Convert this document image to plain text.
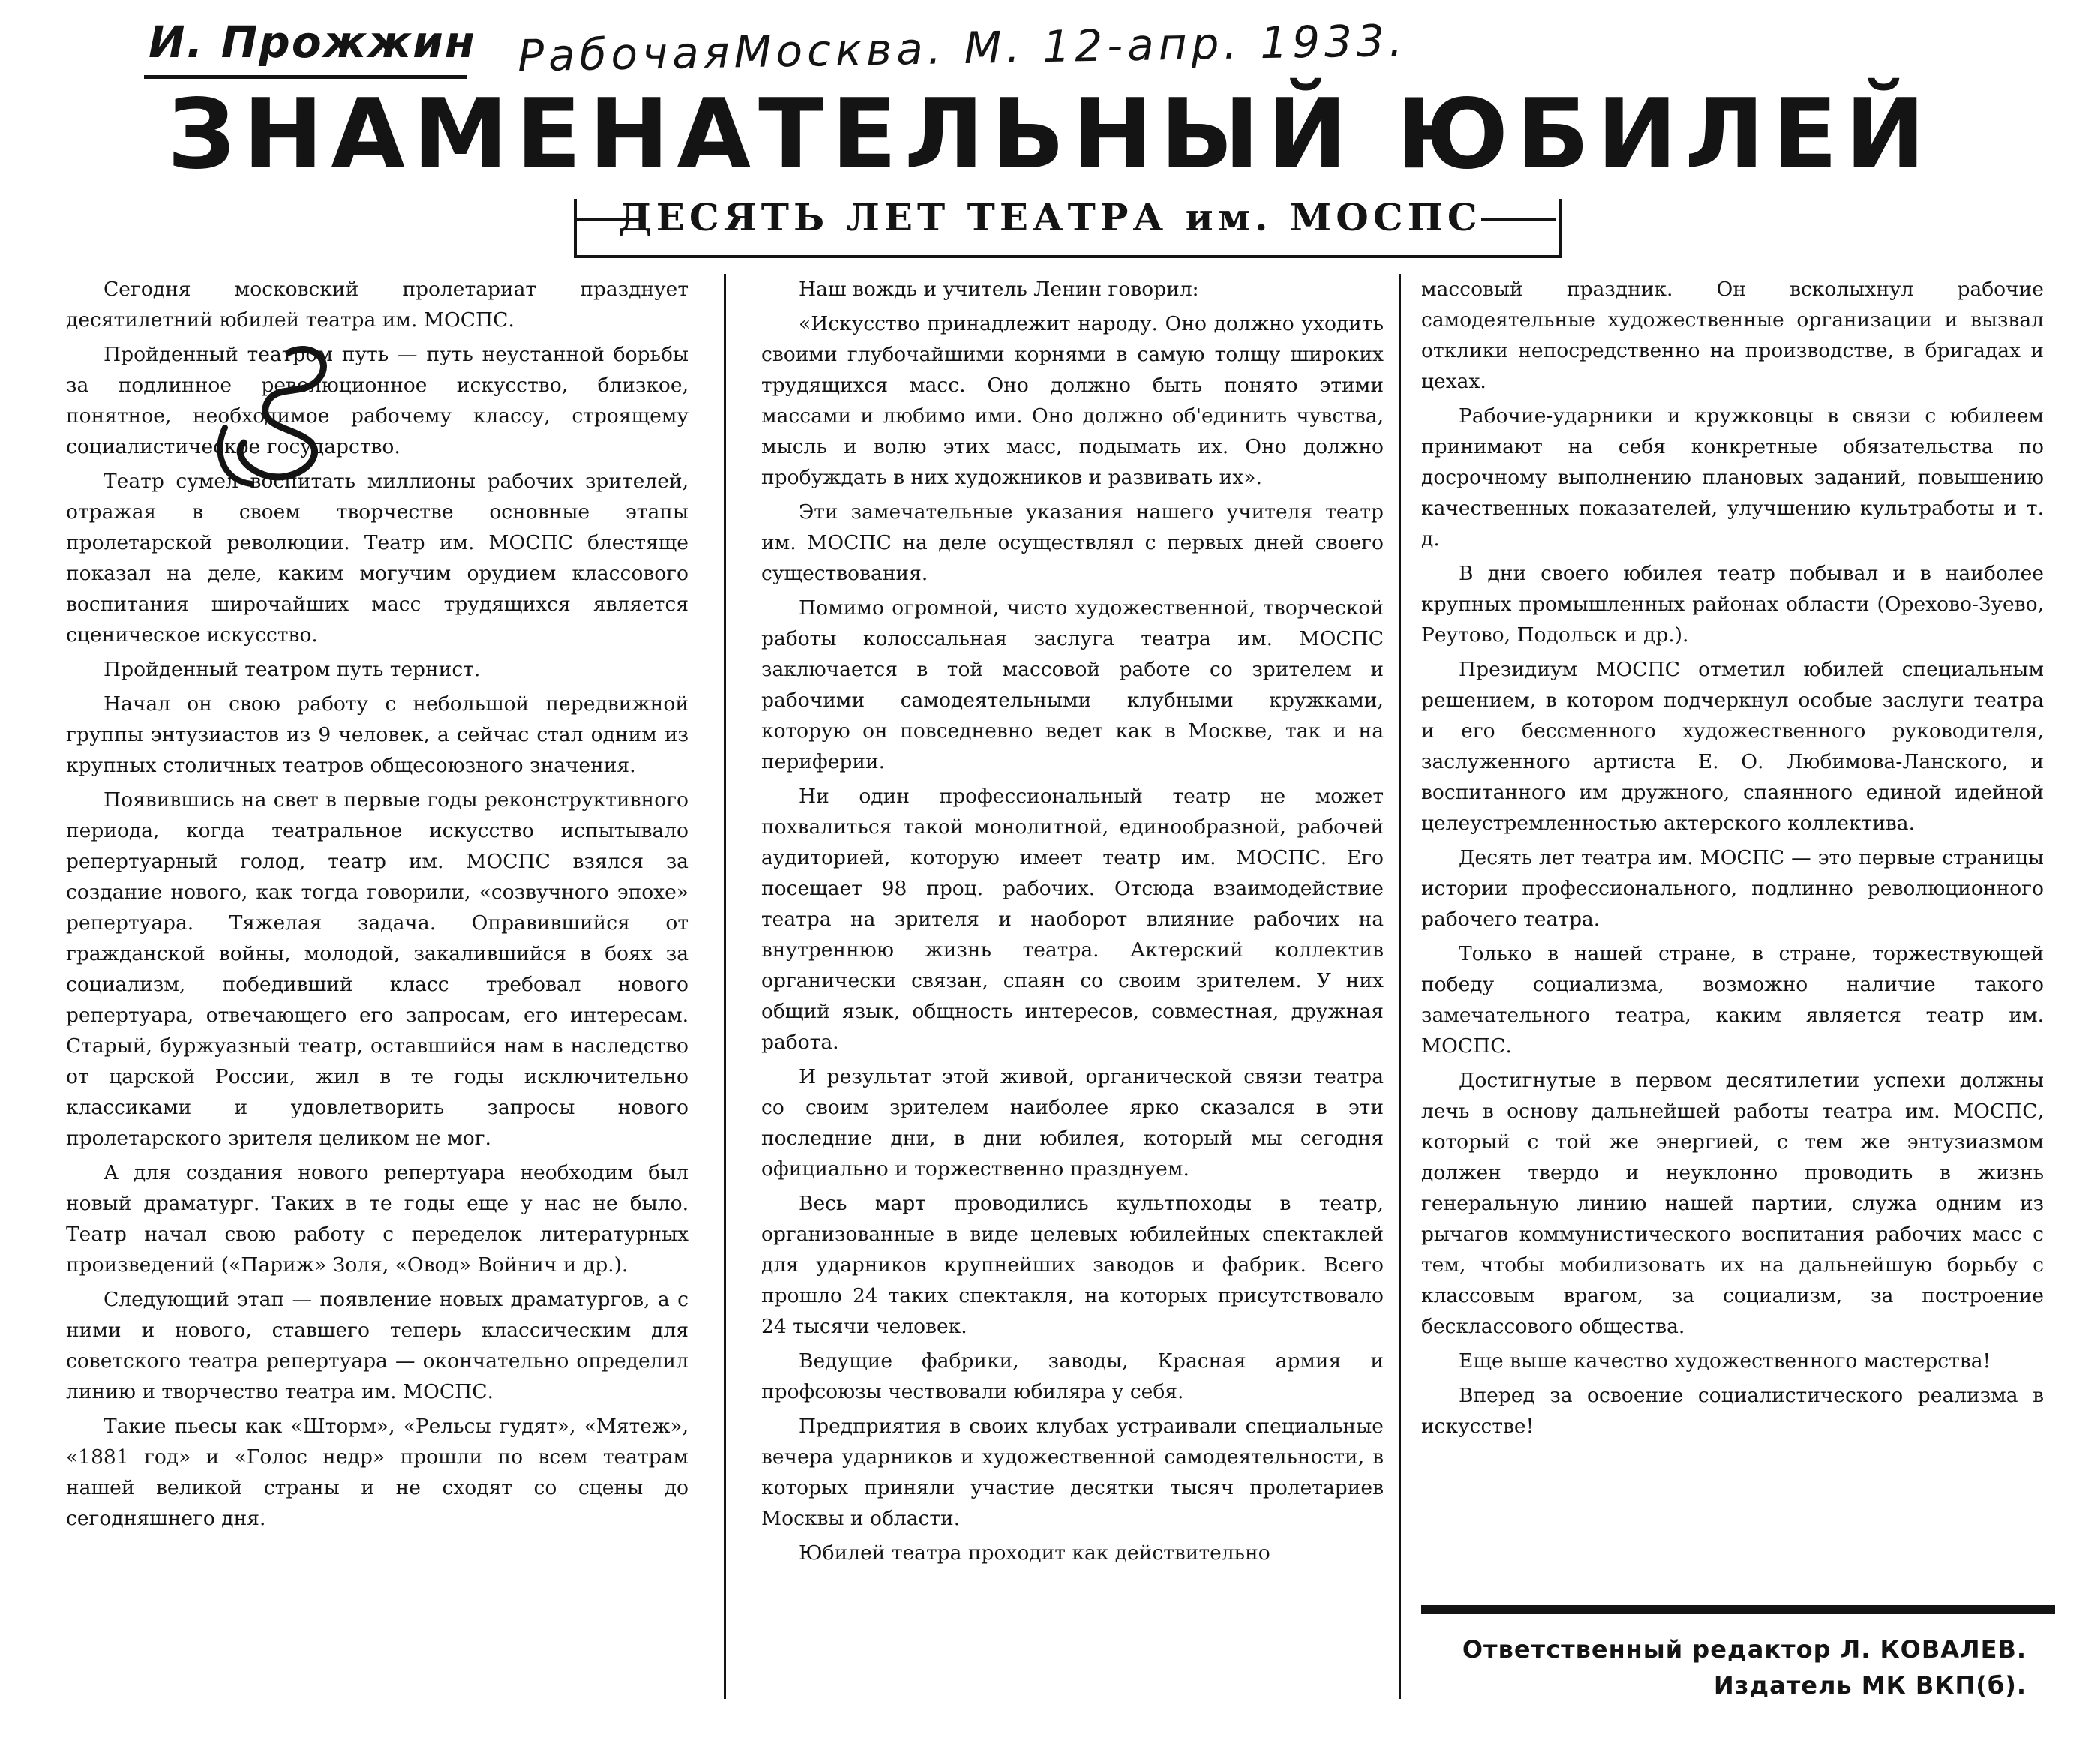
И. Прожжин РабочаяМосква. М. 12-апр. 1933.
ЗНАМЕНАТЕЛЬНЫЙ ЮБИЛЕЙ
ДЕСЯТЬ ЛЕТ ТЕАТРА им. МОСПС

Сегодня московский пролетариат празднует десятилетний юбилей театра им. МОСПС.

Пройденный театром путь — путь неустанной борьбы за подлинное революционное искусство, близкое, понятное, необходимое рабочему классу, строящему социалистическое государство.

Театр сумел воспитать миллионы рабочих зрителей, отражая в своем творчестве основные этапы пролетарской революции. Театр им. МОСПС блестяще показал на деле, каким могучим орудием классового воспитания широчайших масс трудящихся является сценическое искусство.

Пройденный театром путь тернист.

Начал он свою работу с небольшой передвижной группы энтузиастов из 9 человек, а сейчас стал одним из крупных столичных театров общесоюзного значения.

Появившись на свет в первые годы реконструктивного периода, когда театральное искусство испытывало репертуарный голод, театр им. МОСПС взялся за создание нового, как тогда говорили, «созвучного эпохе» репертуара. Тяжелая задача. Оправившийся от гражданской войны, молодой, закалившийся в боях за социализм, победивший класс требовал нового репертуара, отвечающего его запросам, его интересам. Старый, буржуазный театр, оставшийся нам в наследство от царской России, жил в те годы исключительно классиками и удовлетворить запросы нового пролетарского зрителя целиком не мог.

А для создания нового репертуара необходим был новый драматург. Таких в те годы еще у нас не было. Театр начал свою работу с переделок литературных произведений («Париж» Золя, «Овод» Войнич и др.).

Следующий этап — появление новых драматургов, а с ними и нового, ставшего теперь классическим для советского театра репертуара — окончательно определил линию и творчество театра им. МОСПС.

Такие пьесы как «Шторм», «Рельсы гудят», «Мятеж», «1881 год» и «Голос недр» прошли по всем театрам нашей великой страны и не сходят со сцены до сегодняшнего дня.

Наш вождь и учитель Ленин говорил:

«Искусство принадлежит народу. Оно должно уходить своими глубочайшими корнями в самую толщу широких трудящихся масс. Оно должно быть понято этими массами и любимо ими. Оно должно об'единить чувства, мысль и волю этих масс, подымать их. Оно должно пробуждать в них художников и развивать их».

Эти замечательные указания нашего учителя театр им. МОСПС на деле осуществлял с первых дней своего существования.

Помимо огромной, чисто художественной, творческой работы колоссальная заслуга театра им. МОСПС заключается в той массовой работе со зрителем и рабочими самодеятельными клубными кружками, которую он повседневно ведет как в Москве, так и на периферии.

Ни один профессиональный театр не может похвалиться такой монолитной, единообразной, рабочей аудиторией, которую имеет театр им. МОСПС. Его посещает 98 проц. рабочих. Отсюда взаимодействие театра на зрителя и наоборот влияние рабочих на внутреннюю жизнь театра. Актерский коллектив органически связан, спаян со своим зрителем. У них общий язык, общность интересов, совместная, дружная работа.

И результат этой живой, органической связи театра со своим зрителем наиболее ярко сказался в эти последние дни, в дни юбилея, который мы сегодня официально и торжественно празднуем.

Весь март проводились культпоходы в театр, организованные в виде целевых юбилейных спектаклей для ударников крупнейших заводов и фабрик. Всего прошло 24 таких спектакля, на которых присутствовало 24 тысячи человек.

Ведущие фабрики, заводы, Красная армия и профсоюзы чествовали юбиляра у себя.

Предприятия в своих клубах устраивали специальные вечера ударников и художественной самодеятельности, в которых приняли участие десятки тысяч пролетариев Москвы и области.

Юбилей театра проходит как действительно

массовый праздник. Он всколыхнул рабочие самодеятельные художественные организации и вызвал отклики непосредственно на производстве, в бригадах и цехах.

Рабочие-ударники и кружковцы в связи с юбилеем принимают на себя конкретные обязательства по досрочному выполнению плановых заданий, повышению качественных показателей, улучшению культработы и т. д.

В дни своего юбилея театр побывал и в наиболее крупных промышленных районах области (Орехово-Зуево, Реутово, Подольск и др.).

Президиум МОСПС отметил юбилей специальным решением, в котором подчеркнул особые заслуги театра и его бессменного художественного руководителя, заслуженного артиста Е. О. Любимова-Ланского, и воспитанного им дружного, спаянного единой идейной целеустремленностью актерского коллектива.

Десять лет театра им. МОСПС — это первые страницы истории профессионального, подлинно революционного рабочего театра.

Только в нашей стране, в стране, торжествующей победу социализма, возможно наличие такого замечательного театра, каким является театр им. МОСПС.

Достигнутые в первом десятилетии успехи должны лечь в основу дальнейшей работы театра им. МОСПС, который с той же энергией, с тем же энтузиазмом должен твердо и неуклонно проводить в жизнь генеральную линию нашей партии, служа одним из рычагов коммунистического воспитания рабочих масс с тем, чтобы мобилизовать их на дальнейшую борьбу с классовым врагом, за социализм, за построение бесклассового общества.

Еще выше качество художественного мастерства!

Вперед за освоение социалистического реализма в искусстве!

Ответственный редактор Л. КОВАЛЕВ.

Издатель МК ВКП(б).
